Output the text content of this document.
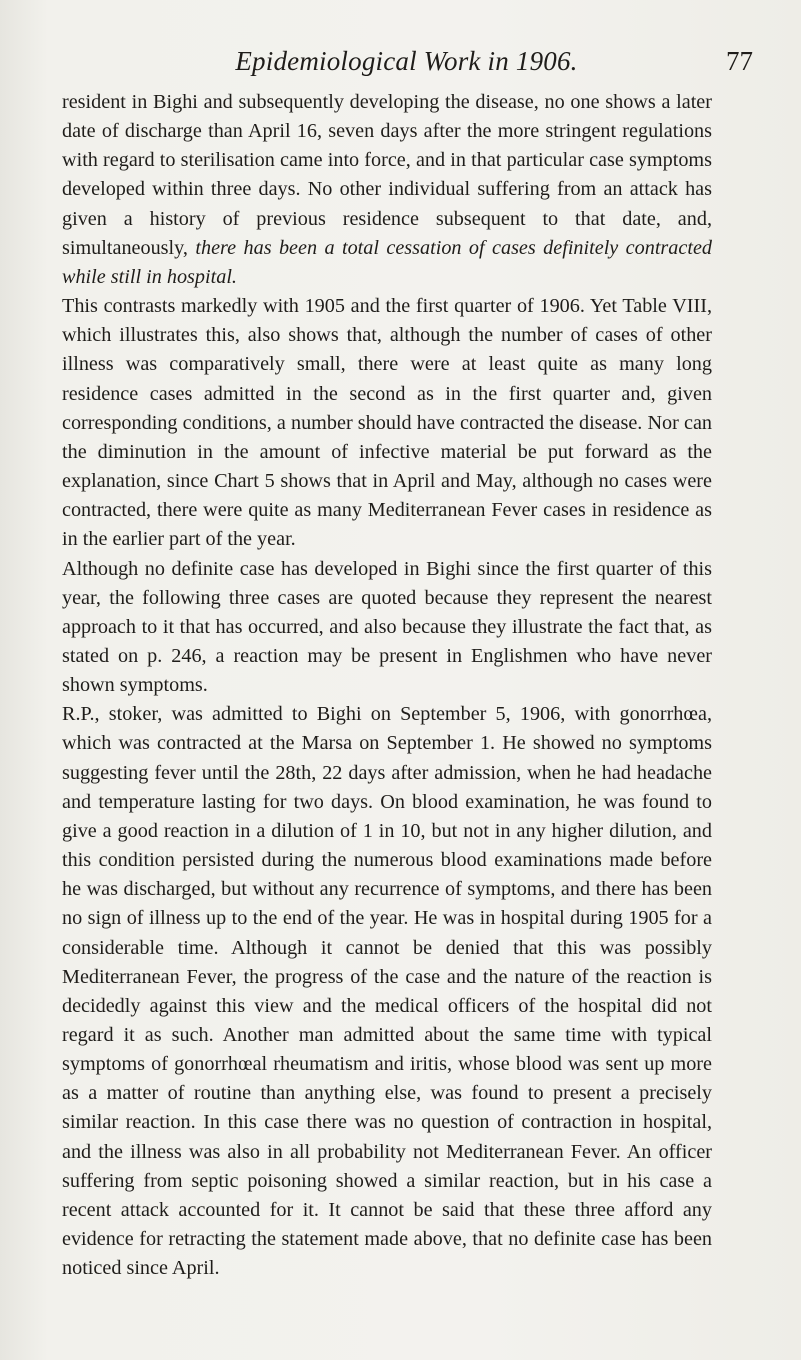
Epidemiological Work in 1906.	77

resident in Bighi and subsequently developing the disease, no one shows a later date of discharge than April 16, seven days after the more stringent regulations with regard to sterilisation came into force, and in that particular case symptoms developed within three days. No other individual suffering from an attack has given a history of previous residence subsequent to that date, and, simultaneously, there has been a total cessation of cases definitely contracted while still in hospital.

This contrasts markedly with 1905 and the first quarter of 1906. Yet Table VIII, which illustrates this, also shows that, although the number of cases of other illness was comparatively small, there were at least quite as many long residence cases admitted in the second as in the first quarter and, given corresponding conditions, a number should have contracted the disease. Nor can the diminution in the amount of infective material be put forward as the explanation, since Chart 5 shows that in April and May, although no cases were contracted, there were quite as many Mediterranean Fever cases in residence as in the earlier part of the year.

Although no definite case has developed in Bighi since the first quarter of this year, the following three cases are quoted because they represent the nearest approach to it that has occurred, and also because they illustrate the fact that, as stated on p. 246, a reaction may be present in Englishmen who have never shown symptoms.

R.P., stoker, was admitted to Bighi on September 5, 1906, with gonorrhœa, which was contracted at the Marsa on September 1. He showed no symptoms suggesting fever until the 28th, 22 days after admission, when he had headache and temperature lasting for two days. On blood examination, he was found to give a good reaction in a dilution of 1 in 10, but not in any higher dilution, and this condition persisted during the numerous blood examinations made before he was discharged, but without any recurrence of symptoms, and there has been no sign of illness up to the end of the year. He was in hospital during 1905 for a considerable time. Although it cannot be denied that this was possibly Mediterranean Fever, the progress of the case and the nature of the reaction is decidedly against this view and the medical officers of the hospital did not regard it as such. Another man admitted about the same time with typical symptoms of gonorrhœal rheumatism and iritis, whose blood was sent up more as a matter of routine than anything else, was found to present a precisely similar reaction. In this case there was no question of contraction in hospital, and the illness was also in all probability not Mediterranean Fever. An officer suffering from septic poisoning showed a similar reaction, but in his case a recent attack accounted for it. It cannot be said that these three afford any evidence for retracting the statement made above, that no definite case has been noticed since April.
